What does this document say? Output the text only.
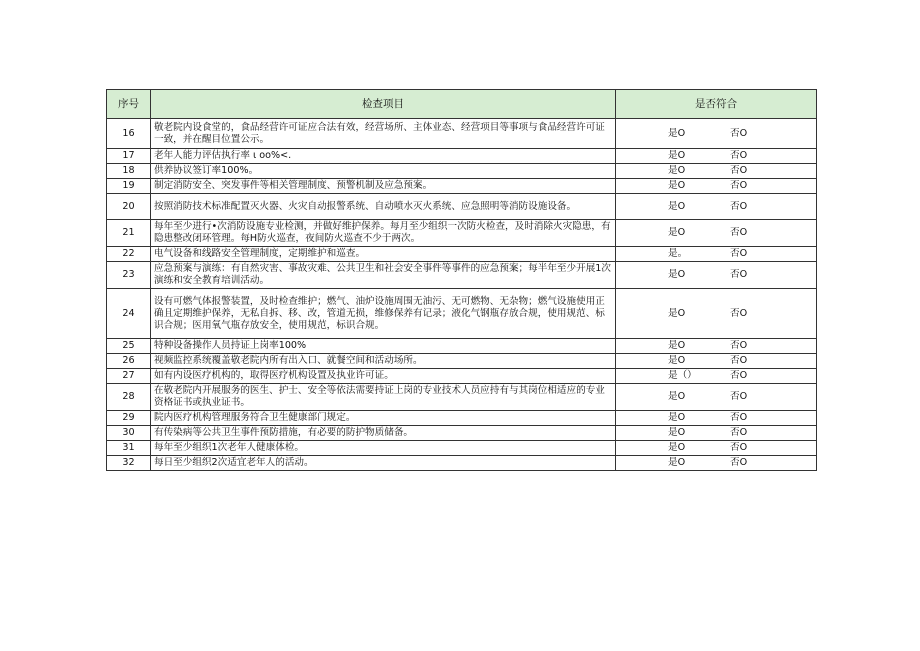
序号	检查项目	是否符合
16	敬老院内设食堂的，食品经营许可证应合法有效，经营场所、主体业态、经营项目等事项与食品经营许可证一致，并在醒目位置公示。	是O 否O
17	老年人能力评估执行率 ι oo%<.	是O 否O
18	供养协议签订率100%。	是O 否O
19	制定消防安全、突发事件等相关管理制度、预警机制及应急预案。	是O 否O
20	按照消防技术标准配置灭火器、火灾自动报警系统、自动喷水灭火系统、应急照明等消防设施设备。	是O 否O
21	每年至少进行•次消防设施专业检测，并做好维护保养。每月至少组织一次防火检查，及时消除火灾隐患，有隐患整改闭环管理。每H防火巡查，夜间防火巡查不少于两次。	是O 否O
22	电气设备和线路安全管理制度，定期维护和巡查。	是。 否O
23	应急预案与演练：有自然灾害、事故灾难、公共卫生和社会安全事件等事件的应急预案；每半年至少开展1次演练和安全教育培训活动。	是O 否O
24	设有可燃气体报警装置，及时检查维护；燃气、油炉设施周围无油污、无可燃物、无杂物；燃气设施使用正确且定期维护保养，无私自拆、移、改，管道无损，维修保养有记录；液化气钢瓶存放合规，使用规范、标识合规；医用氧气瓶存放安全，使用规范，标识合规。	是O 否O
25	特种设备操作人员持证上岗率100%	是O 否O
26	视频监控系统覆盖敬老院内所有出入口、就餐空间和活动场所。	是O 否O
27	如有内设医疗机构的，取得医疗机构设置及执业许可证。	是（） 否O
28	在敬老院内开展服务的医生、护士、安全等依法需要持证上岗的专业技术人员应持有与其岗位相适应的专业资格证书或执业证书。	是O 否O
29	院内医疗机构管理服务符合卫生健康部门规定。	是O 否O
30	有传染病等公共卫生事件预防措施，有必要的防护物质储备。	是O 否O
31	每年至少组织1次老年人健康体检。	是O 否O
32	每日至少组织2次适宜老年人的活动。	是O 否O
